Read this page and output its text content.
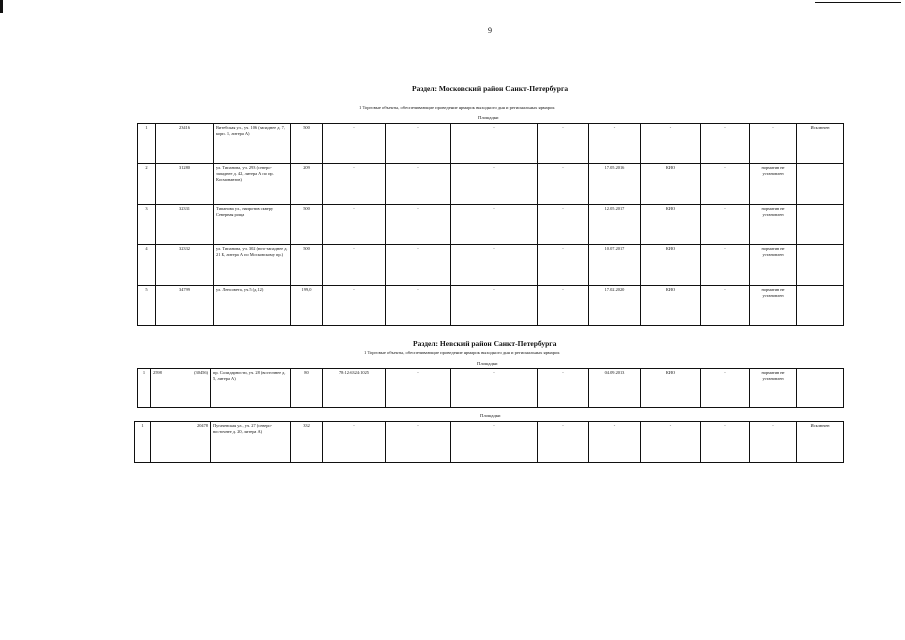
9
Раздел: Московский район Санкт-Петербурга
1 Торговые объекты, обеспечивающие проведение ярмарок выходного дня и региональных ярмарок
Площадки
1	23416	Витебская ул., уч. 106 (западнее д. 7, корп. 1, литера А)	500	-	-	-	-	-	-	-	-	Исключен
2	31280	ул. Типанова, уч. 293 (северо-западнее д. 42, литера А по пр. Космонавтов)	209	-	-	-	-	17.05.2016	КИО	-	норматив не установлен	
3	32331	Типанова ул., напротив скверу Северная роща	500	-	-	-	-	12.05.2017	КИО	-	норматив не установлен	
4	32332	ул. Типанова, уч. 302 (юго-западнее д. 21 Б, литера А по Московскому пр.)	500	-	-	-	-	10.07.2017	КИО	-	норматив не установлен	
5	34799	ул. Ленсовета, уч.5 (д.12)	199,0	-	-	-	-	17.02.2020	КИО	-	норматив не установлен	
Раздел: Невский район Санкт-Петербурга
1 Торговые объекты, обеспечивающие проведение ярмарок выходного дня и региональных ярмарок
Площадки
1	2598	(30456)	пр. Солидарности, уч. 28 (восточнее д. 5, литера А)	80	78:12:6324:1025	-	-	-	04.09.2013	КИО	-	норматив не установлен	
Площадки
1	20478	Пугачевская ул., уч. 27 (северо-восточнее д. 20, литера А)	332	-	-	-	-	-	-	-	-	Исключен
